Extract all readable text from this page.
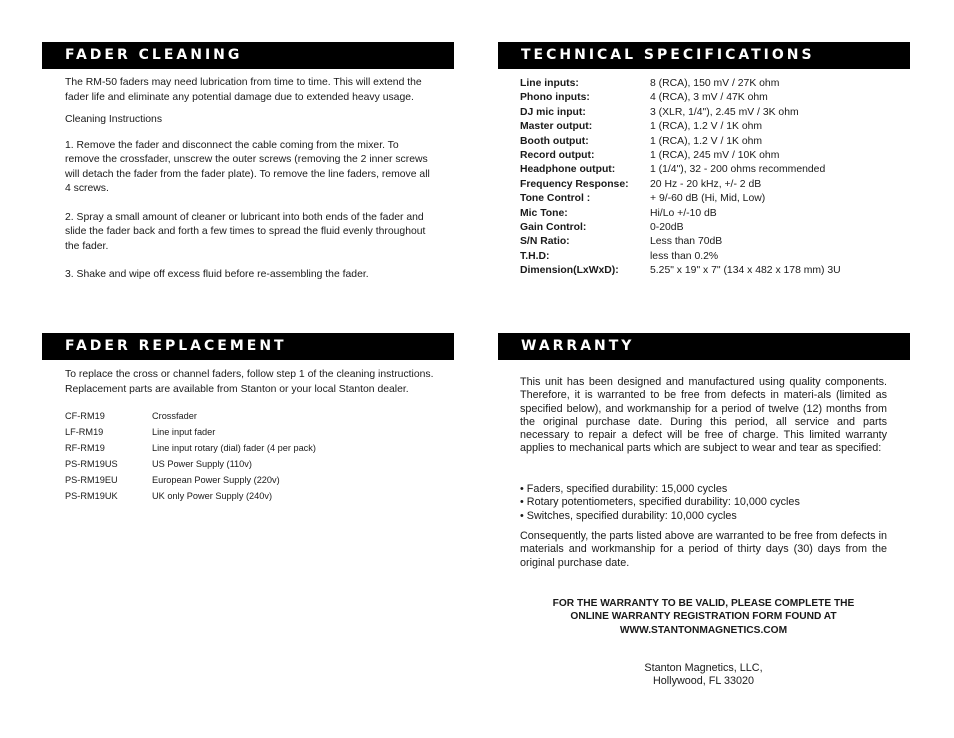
FADER CLEANING

The RM-50 faders may need lubrication from time to time. This will extend the fader life and eliminate any potential damage due to extended heavy usage.

Cleaning Instructions

1. Remove the fader and disconnect the cable coming from the mixer. To remove the crossfader, unscrew the outer screws (removing the 2 inner screws will detach the fader from the fader plate). To remove the line faders, remove all 4 screws.

2. Spray a small amount of cleaner or lubricant into both ends of the fader and slide the fader back and forth a few times to spread the fluid evenly throughout the fader.

3. Shake and wipe off excess fluid before re-assembling the fader.

TECHNICAL SPECIFICATIONS
Line inputs:	8 (RCA), 150 mV / 27K ohm
Phono inputs:	4 (RCA), 3 mV / 47K ohm
DJ mic input:	3 (XLR, 1/4"), 2.45 mV / 3K ohm
Master output:	1 (RCA), 1.2 V / 1K ohm
Booth output:	1 (RCA), 1.2 V / 1K ohm
Record output:	1 (RCA), 245 mV / 10K ohm
Headphone output:	1 (1/4"), 32 - 200 ohms recommended
Frequency Response:	20 Hz - 20 kHz, +/- 2 dB
Tone Control :	+ 9/-60 dB (Hi, Mid, Low)
Mic Tone:	Hi/Lo +/-10 dB
Gain Control:	0-20dB
S/N Ratio:	Less than 70dB
T.H.D:	less than 0.2%
Dimension(LxWxD):	5.25" x 19" x 7" (134 x 482 x 178 mm) 3U
FADER REPLACEMENT
To replace the cross or channel faders, follow step 1 of the cleaning instructions. Replacement parts are available from Stanton or your local Stanton dealer.
CF-RM19	Crossfader
LF-RM19	Line input fader
RF-RM19	Line input rotary (dial) fader (4 per pack)
PS-RM19US	US Power Supply (110v)
PS-RM19EU	European Power Supply (220v)
PS-RM19UK	UK only Power Supply (240v)
WARRANTY
This unit has been designed and manufactured using quality components. Therefore, it is warranted to be free from defects in materi-als (limited as specified below), and workmanship for a period of twelve (12) months from the original purchase date. During this period, all service and parts necessary to repair a defect will be free of charge. This limited warranty applies to mechanical parts which are subject to wear and tear as specified:
• Faders, specified durability: 15,000 cycles
• Rotary potentiometers, specified durability: 10,000 cycles
• Switches, specified durability: 10,000 cycles
Consequently, the parts listed above are warranted to be free from defects in materials and workmanship for a period of thirty days (30) days from the original purchase date.
FOR THE WARRANTY TO BE VALID, PLEASE COMPLETE THE
ONLINE WARRANTY REGISTRATION FORM FOUND AT
WWW.STANTONMAGNETICS.COM
Stanton Magnetics, LLC,
Hollywood, FL 33020
